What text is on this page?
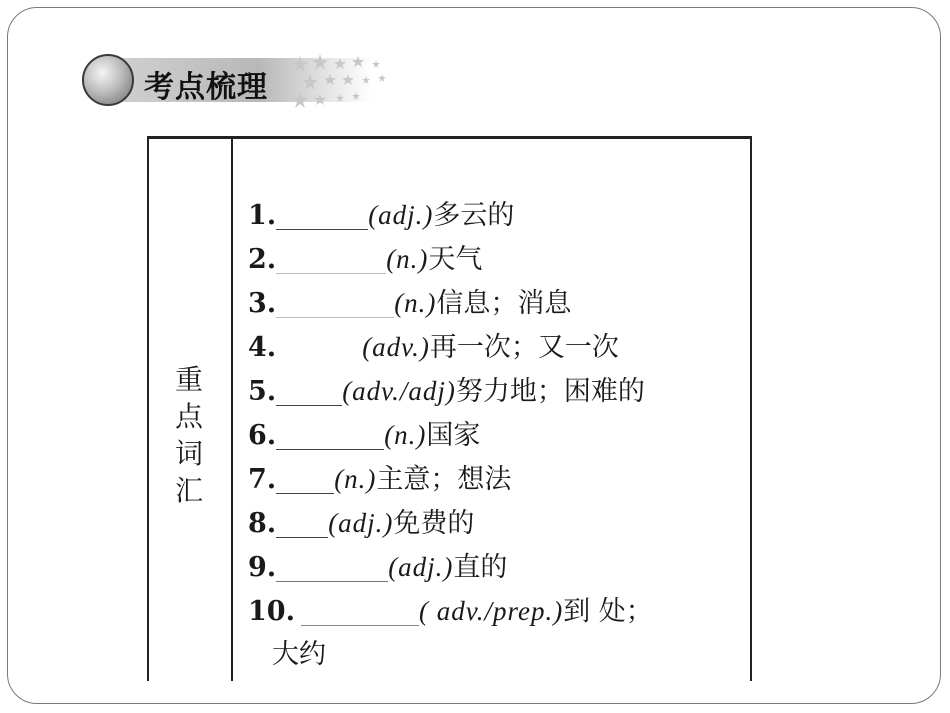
考点梳理
重点词汇
1.	(adj.)多云的
2.	(n.)天气
3.	(n.)信息；消息
4.	(adv.)再一次；又一次
5. (adv./adj)努力地；困难的
6.	(n.)国家
7. (n.)主意；想法
8. (adj.)免费的
9.	(adj.)直的
10.	( adv./prep.)到 处；
大约
